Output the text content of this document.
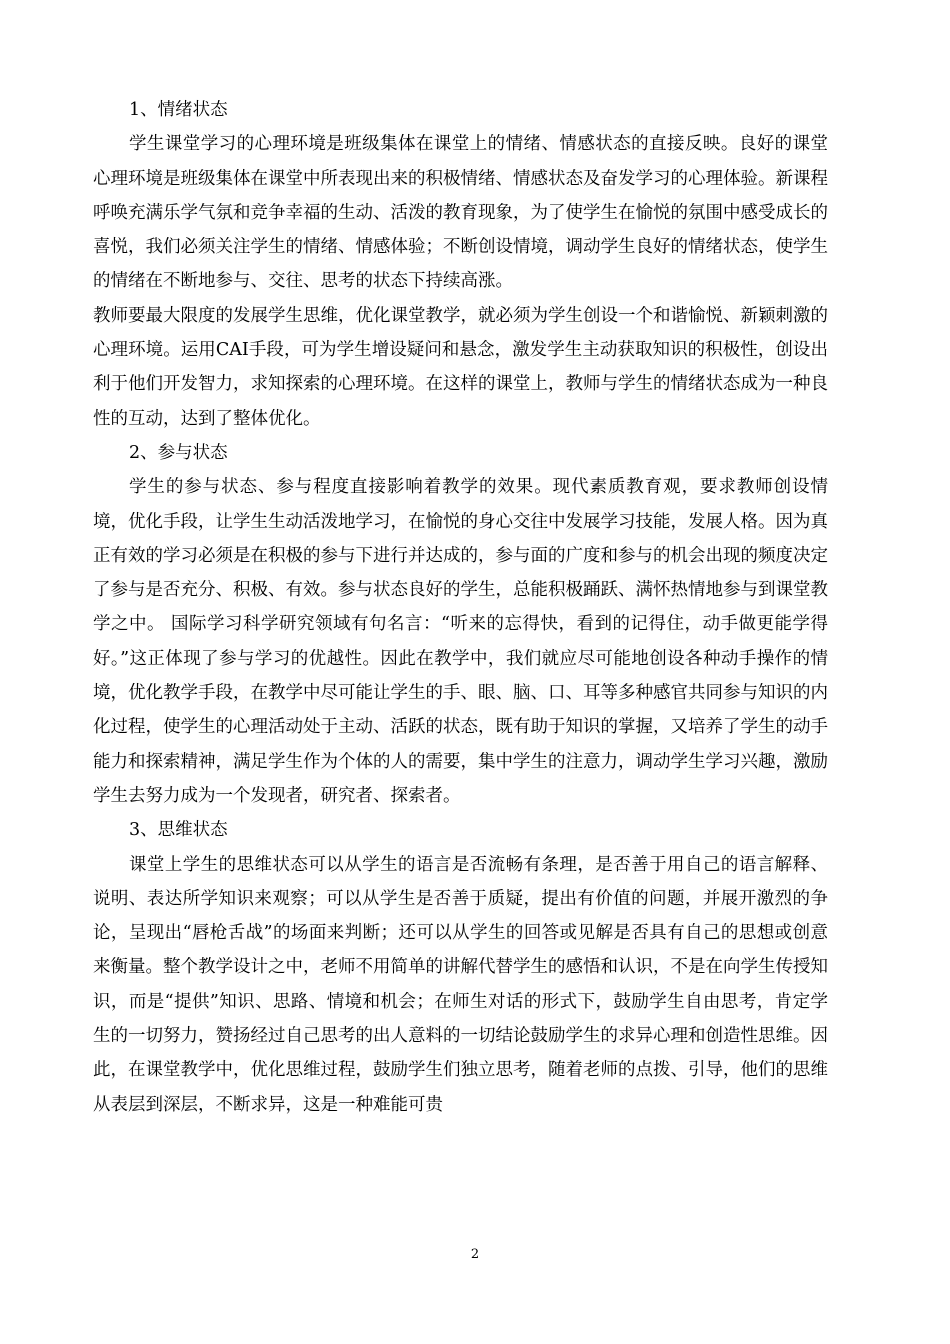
1、情绪状态

学生课堂学习的心理环境是班级集体在课堂上的情绪、情感状态的直接反映。良好的课堂心理环境是班级集体在课堂中所表现出来的积极情绪、情感状态及奋发学习的心理体验。新课程呼唤充满乐学气氛和竞争幸福的生动、活泼的教育现象，为了使学生在愉悦的氛围中感受成长的喜悦，我们必须关注学生的情绪、情感体验；不断创设情境，调动学生良好的情绪状态，使学生的情绪在不断地参与、交往、思考的状态下持续高涨。

教师要最大限度的发展学生思维，优化课堂教学，就必须为学生创设一个和谐愉悦、新颖刺激的心理环境。运用CAI手段，可为学生增设疑问和悬念，激发学生主动获取知识的积极性，创设出利于他们开发智力，求知探索的心理环境。在这样的课堂上，教师与学生的情绪状态成为一种良性的互动，达到了整体优化。

2、参与状态

学生的参与状态、参与程度直接影响着教学的效果。现代素质教育观，要求教师创设情境，优化手段，让学生生动活泼地学习，在愉悦的身心交往中发展学习技能，发展人格。因为真正有效的学习必须是在积极的参与下进行并达成的，参与面的广度和参与的机会出现的频度决定了参与是否充分、积极、有效。参与状态良好的学生，总能积极踊跃、满怀热情地参与到课堂教学之中。 国际学习科学研究领域有句名言：“听来的忘得快，看到的记得住，动手做更能学得好。”这正体现了参与学习的优越性。因此在教学中，我们就应尽可能地创设各种动手操作的情境，优化教学手段，在教学中尽可能让学生的手、眼、脑、口、耳等多种感官共同参与知识的内化过程，使学生的心理活动处于主动、活跃的状态，既有助于知识的掌握，又培养了学生的动手能力和探索精神，满足学生作为个体的人的需要，集中学生的注意力，调动学生学习兴趣，激励学生去努力成为一个发现者，研究者、探索者。

3、思维状态

课堂上学生的思维状态可以从学生的语言是否流畅有条理，是否善于用自己的语言解释、说明、表达所学知识来观察；可以从学生是否善于质疑，提出有价值的问题，并展开激烈的争论，呈现出“唇枪舌战”的场面来判断；还可以从学生的回答或见解是否具有自己的思想或创意来衡量。整个教学设计之中，老师不用简单的讲解代替学生的感悟和认识，不是在向学生传授知识，而是“提供”知识、思路、情境和机会；在师生对话的形式下，鼓励学生自由思考，肯定学生的一切努力，赞扬经过自己思考的出人意料的一切结论鼓励学生的求异心理和创造性思维。因此，在课堂教学中，优化思维过程，鼓励学生们独立思考，随着老师的点拨、引导，他们的思维从表层到深层，不断求异，这是一种难能可贵

2
